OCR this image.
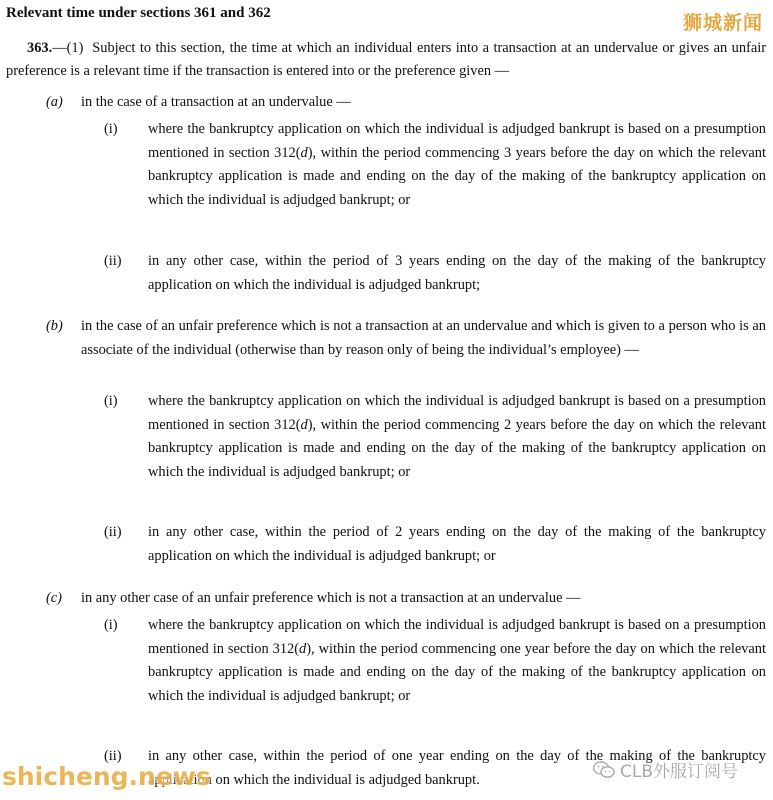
Relevant time under sections 361 and 362	狮城新闻
363.—(1)  Subject to this section, the time at which an individual enters into a transaction at an undervalue or gives an unfair preference is a relevant time if the transaction is entered into or the preference given —
(a)	in the case of a transaction at an undervalue —
(i)	where the bankruptcy application on which the individual is adjudged bankrupt is based on a presumption mentioned in section 312(d), within the period commencing 3 years before the day on which the relevant bankruptcy application is made and ending on the day of the making of the bankruptcy application on which the individual is adjudged bankrupt; or
(ii)	in any other case, within the period of 3 years ending on the day of the making of the bankruptcy application on which the individual is adjudged bankrupt;
(b)	in the case of an unfair preference which is not a transaction at an undervalue and which is given to a person who is an associate of the individual (otherwise than by reason only of being the individual’s employee) —
(i)	where the bankruptcy application on which the individual is adjudged bankrupt is based on a presumption mentioned in section 312(d), within the period commencing 2 years before the day on which the relevant bankruptcy application is made and ending on the day of the making of the bankruptcy application on which the individual is adjudged bankrupt; or
(ii)	in any other case, within the period of 2 years ending on the day of the making of the bankruptcy application on which the individual is adjudged bankrupt; or
(c)	in any other case of an unfair preference which is not a transaction at an undervalue —
(i)	where the bankruptcy application on which the individual is adjudged bankrupt is based on a presumption mentioned in section 312(d), within the period commencing one year before the day on which the relevant bankruptcy application is made and ending on the day of the making of the bankruptcy application on which the individual is adjudged bankrupt; or
(ii)	in any other case, within the period of one year ending on the day of the making of the bankruptcy application on which the individual is adjudged bankrupt.
shicheng.news	CLB外服订阅号
